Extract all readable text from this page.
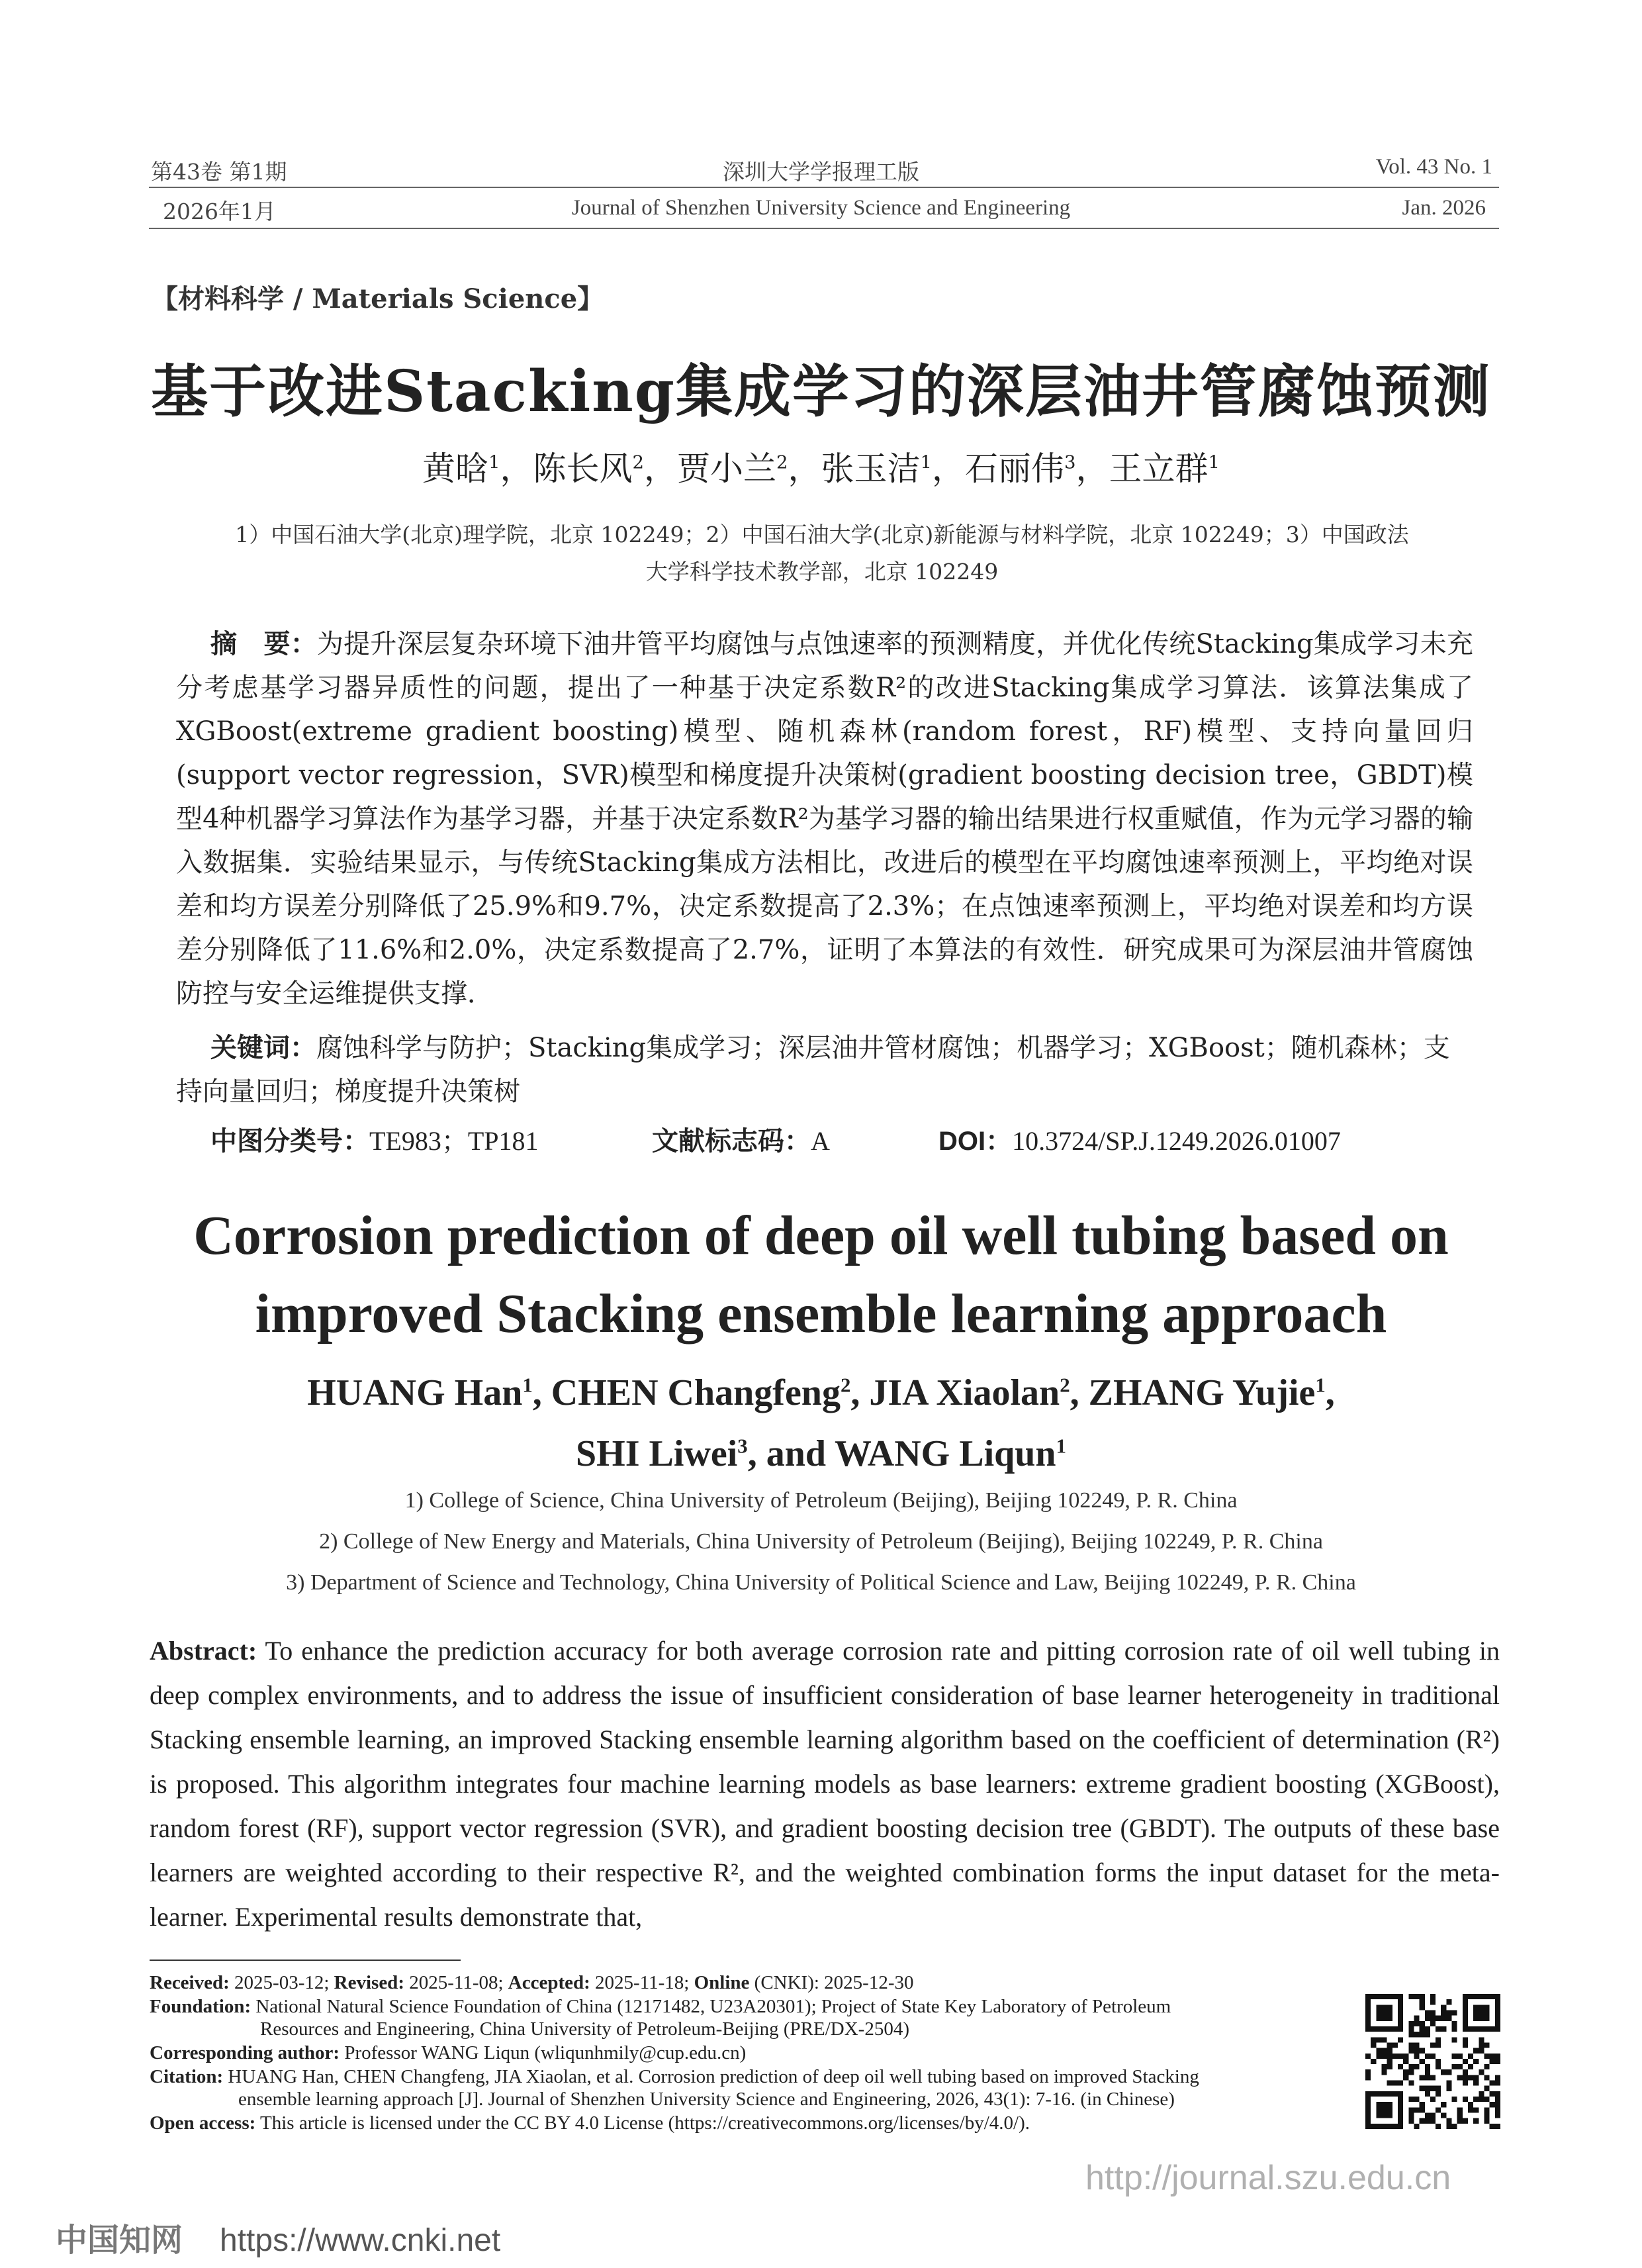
第43卷 第1期
2026年1月
深圳大学学报理工版
Journal of Shenzhen University Science and Engineering
Vol. 43 No. 1
Jan. 2026
【材料科学 / Materials Science】
基于改进Stacking集成学习的深层油井管腐蚀预测
黄晗$^1$，陈长风$^2$，贾小兰$^2$，张玉洁$^1$，石丽伟$^3$，王立群$^1$
1）中国石油大学(北京)理学院，北京 102249；2）中国石油大学(北京)新能源与材料学院，北京 102249；3）中国政法
大学科学技术教学部，北京 102249
摘　要：为提升深层复杂环境下油井管平均腐蚀与点蚀速率的预测精度，并优化传统Stacking集成学习未充分考虑基学习器异质性的问题，提出了一种基于决定系数R²的改进Stacking集成学习算法．该算法集成了XGBoost(extreme gradient boosting)模型、随机森林(random forest，RF)模型、支持向量回归(support vector regression，SVR)模型和梯度提升决策树(gradient boosting decision tree，GBDT)模型4种机器学习算法作为基学习器，并基于决定系数R²为基学习器的输出结果进行权重赋值，作为元学习器的输入数据集．实验结果显示，与传统Stacking集成方法相比，改进后的模型在平均腐蚀速率预测上，平均绝对误差和均方误差分别降低了25.9%和9.7%，决定系数提高了2.3%；在点蚀速率预测上，平均绝对误差和均方误差分别降低了11.6%和2.0%，决定系数提高了2.7%，证明了本算法的有效性．研究成果可为深层油井管腐蚀防控与安全运维提供支撑．
关键词：腐蚀科学与防护；Stacking集成学习；深层油井管材腐蚀；机器学习；XGBoost；随机森林；支持向量回归；梯度提升决策树
中图分类号：TE983；TP181	文献标志码：A	DOI：10.3724/SP.J.1249.2026.01007
Corrosion prediction of deep oil well tubing based on
improved Stacking ensemble learning approach
HUANG Han$^1$, CHEN Changfeng$^2$, JIA Xiaolan$^2$, ZHANG Yujie$^1$,
SHI Liwei$^3$, and WANG Liqun$^1$
1) College of Science, China University of Petroleum (Beijing), Beijing 102249, P. R. China
2) College of New Energy and Materials, China University of Petroleum (Beijing), Beijing 102249, P. R. China
3) Department of Science and Technology, China University of Political Science and Law, Beijing 102249, P. R. China
Abstract: To enhance the prediction accuracy for both average corrosion rate and pitting corrosion rate of oil well tubing in deep complex environments, and to address the issue of insufficient consideration of base learner heterogeneity in traditional Stacking ensemble learning, an improved Stacking ensemble learning algorithm based on the coefficient of determination (R²) is proposed. This algorithm integrates four machine learning models as base learners: extreme gradient boosting (XGBoost), random forest (RF), support vector regression (SVR), and gradient boosting decision tree (GBDT). The outputs of these base learners are weighted according to their respective R², and the weighted combination forms the input dataset for the meta-learner. Experimental results demonstrate that,
Received: 2025-03-12; Revised: 2025-11-08; Accepted: 2025-11-18; Online (CNKI): 2025-12-30
Foundation: National Natural Science Foundation of China (12171482, U23A20301); Project of State Key Laboratory of Petroleum
Resources and Engineering, China University of Petroleum-Beijing (PRE/DX-2504)
Corresponding author: Professor WANG Liqun (wliqunhmily@cup.edu.cn)
Citation: HUANG Han, CHEN Changfeng, JIA Xiaolan, et al. Corrosion prediction of deep oil well tubing based on improved Stacking
ensemble learning approach [J]. Journal of Shenzhen University Science and Engineering, 2026, 43(1): 7-16. (in Chinese)
Open access: This article is licensed under the CC BY 4.0 License (https://creativecommons.org/licenses/by/4.0/).
http://journal.szu.edu.cn
中国知网 https://www.cnki.net
